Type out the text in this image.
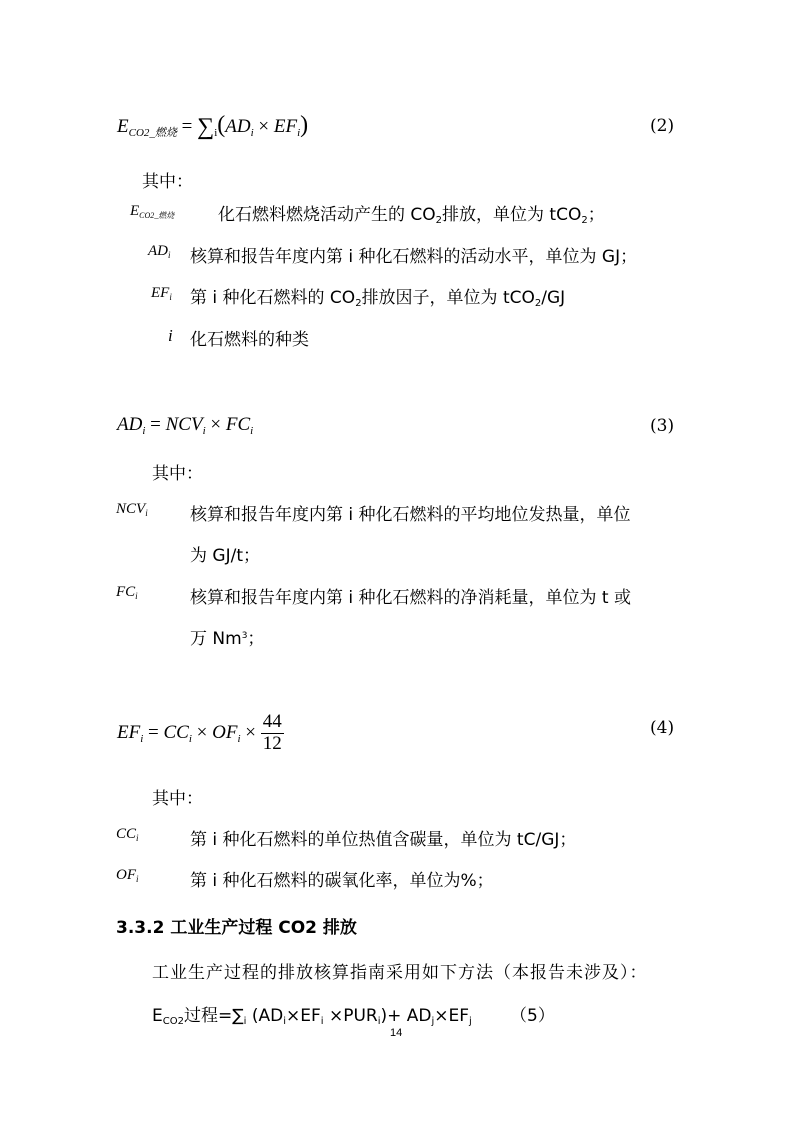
$E_{CO2\_燃烧} = \sum_i(AD_i \times EF_i)$	(2)
其中：
$E_{CO2\_燃烧}$	化石燃料燃烧活动产生的 CO2排放，单位为 tCO2；
$AD_i$ 核算和报告年度内第 i 种化石燃料的活动水平，单位为 GJ；
$EF_i$ 第 i 种化石燃料的 CO2排放因子，单位为 tCO2/GJ
i 化石燃料的种类
$AD_i = NCV_i \times FC_i$	(3)
其中：
$NCV_i$ 核算和报告年度内第 i 种化石燃料的平均地位发热量，单位
为 GJ/t；
$FC_i$	核算和报告年度内第 i 种化石燃料的净消耗量，单位为 t 或
万 Nm$^3$；
$EF_i = CC_i \times OF_i \times \frac{44}{12}$	(4)
其中：
$CC_i$	第 i 种化石燃料的单位热值含碳量，单位为 tC/GJ；
$OF_i$	第 i 种化石燃料的碳氧化率，单位为%；
3.3.2 工业生产过程 CO2 排放
工业生产过程的排放核算指南采用如下方法（本报告未涉及）：
ECO2过程=∑i (ADi×EFi ×PURi)+ ADj×EFj （5）
14
